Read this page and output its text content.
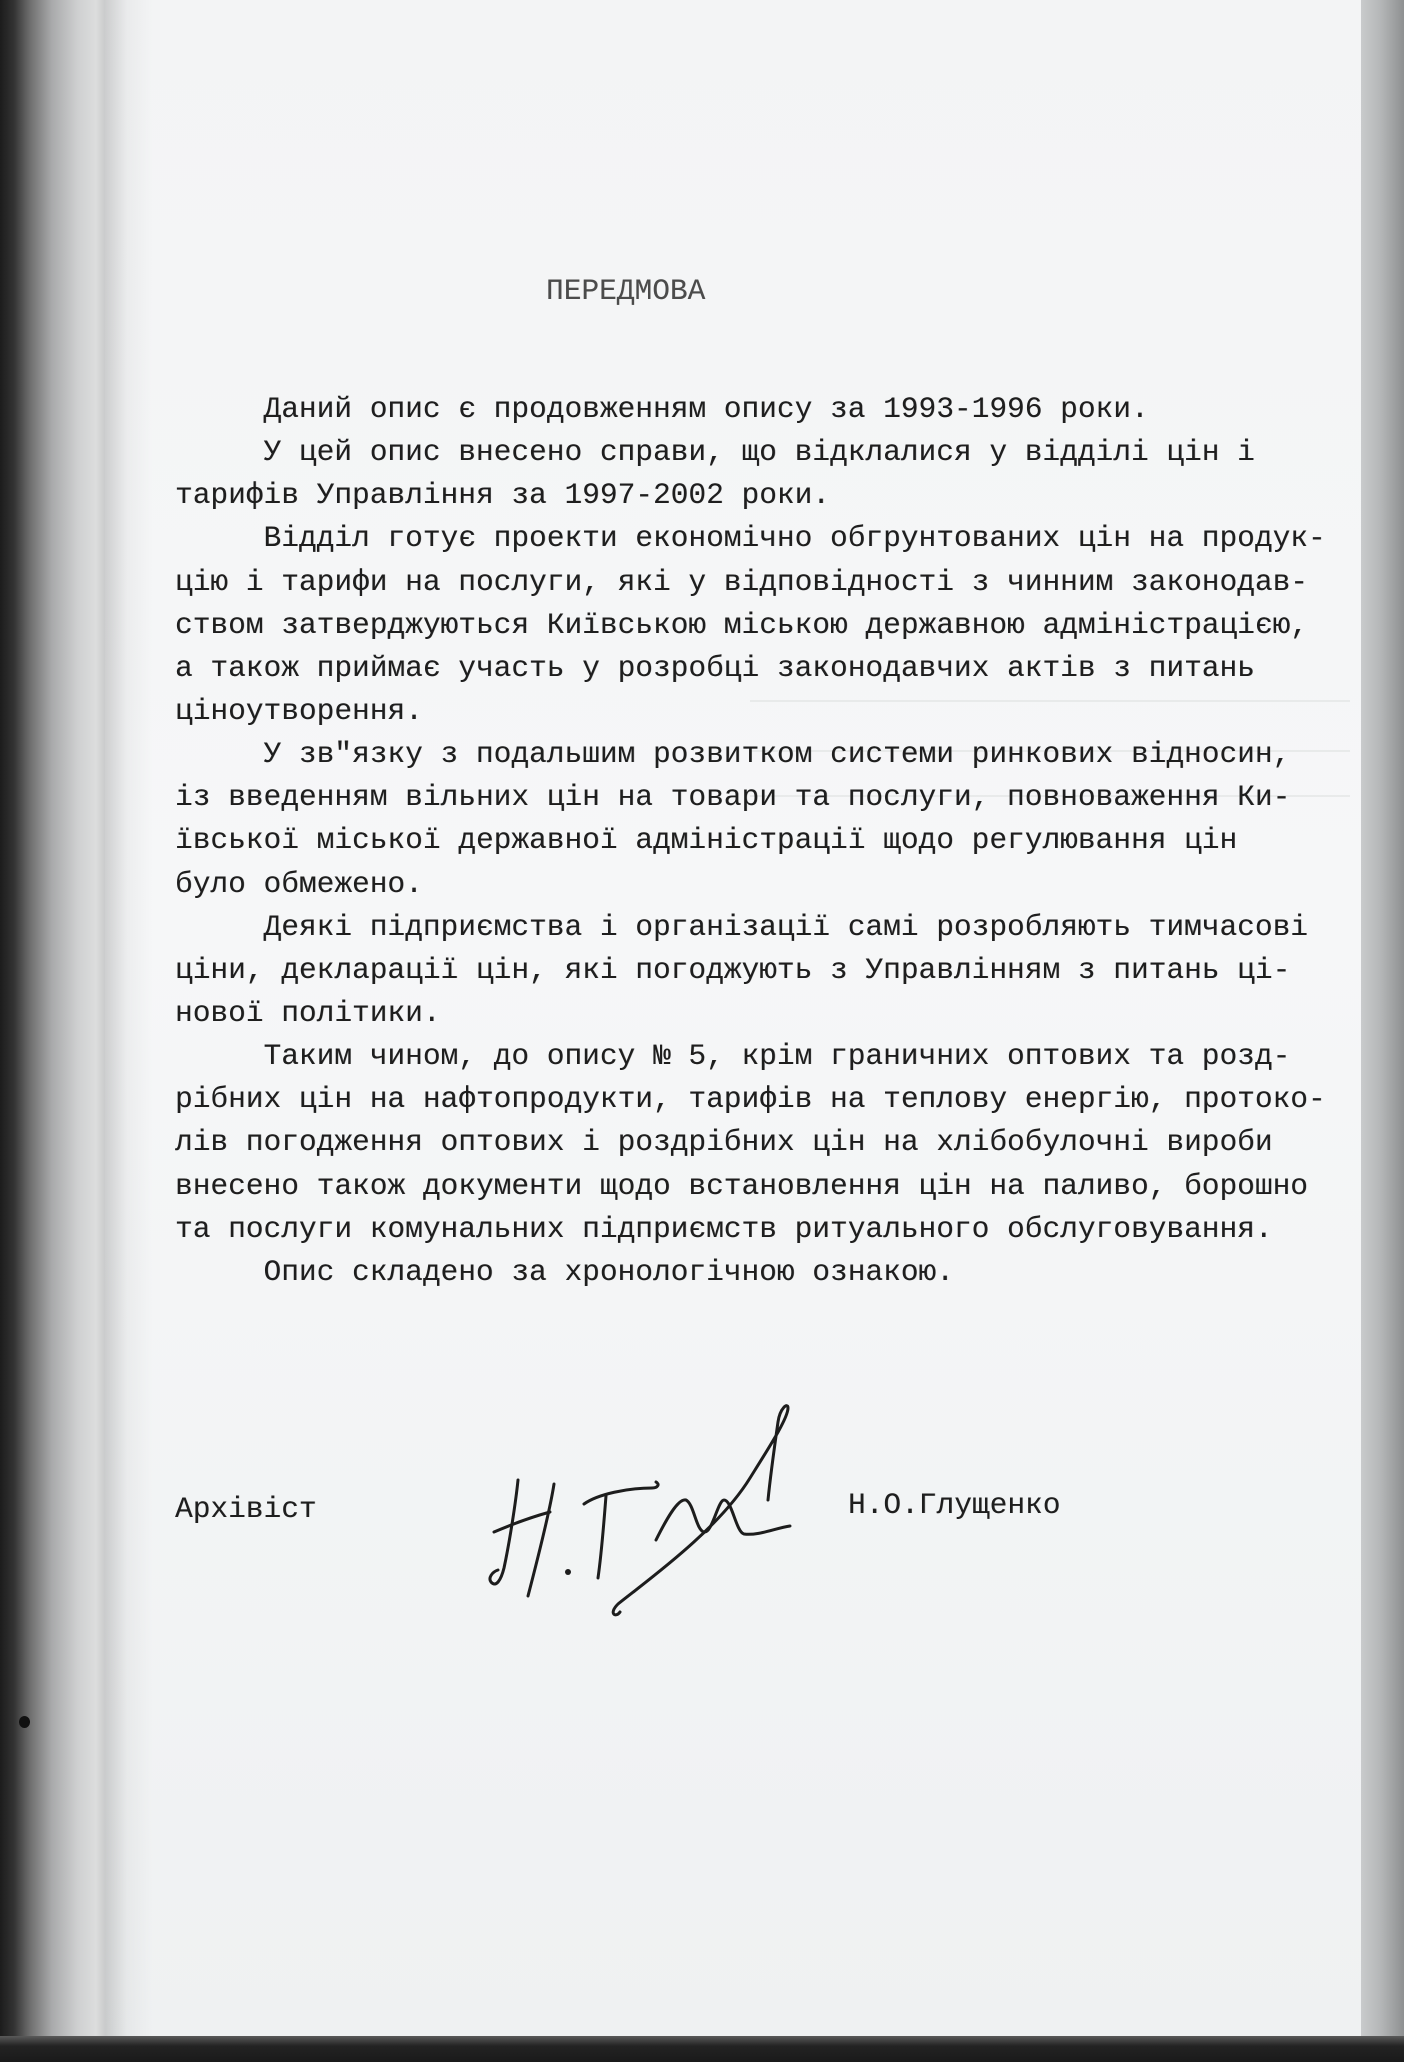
ПЕРЕДМОВА
Даний опис є продовженням опису за 1993-1996 роки.
У цей опис внесено справи, що відклалися у відділі цін і
тарифів Управління за 1997-2002 роки.
Відділ готує проекти економічно обгрунтованих цін на продук-
цію і тарифи на послуги, які у відповідності з чинним законодав-
ством затверджуються Київською міською державною адміністрацією,
а також приймає участь у розробці законодавчих актів з питань
ціноутворення.
У зв"язку з подальшим розвитком системи ринкових відносин,
із введенням вільних цін на товари та послуги, повноваження Ки-
ївської міської державної адміністрації щодо регулювання цін
було обмежено.
Деякі підприємства і організації самі розробляють тимчасові
ціни, декларації цін, які погоджують з Управлінням з питань ці-
нової політики.
Таким чином, до опису № 5, крім граничних оптових та розд-
рібних цін на нафтопродукти, тарифів на теплову енергію, протоко-
лів погодження оптових і роздрібних цін на хлібобулочні вироби
внесено також документи щодо встановлення цін на паливо, борошно
та послуги комунальних підприємств ритуального обслуговування.
Опис складено за хронологічною ознакою.
Архівіст	Н.О.Глущенко
